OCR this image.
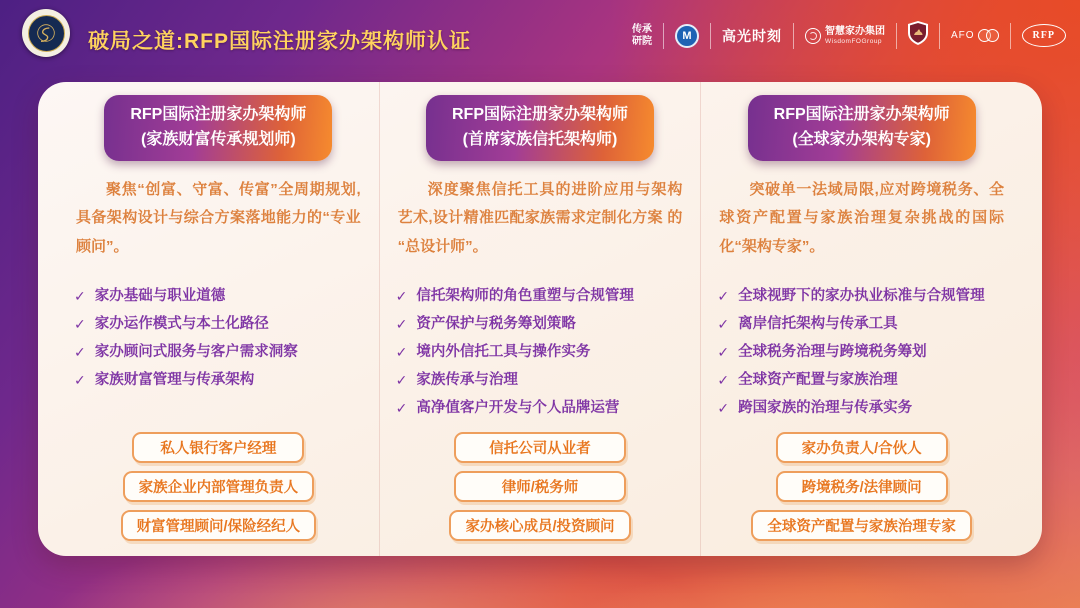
破局之道:RFP国际注册家办架构师认证
传承
研院	M	高光时刻	智慧家办集团
WisdomFOGroup
AFO	RFP
RFP国际注册家办架构师
(家族财富传承规划师)

聚焦“创富、守富、传富”全周期规划,具备架构设计与综合方案落地能力的“专业顾问”。

✓ 家办基础与职业道德
✓ 家办运作模式与本土化路径
✓ 家办顾问式服务与客户需求洞察
✓ 家族财富管理与传承架构
私人银行客户经理
家族企业内部管理负责人
财富管理顾问/保险经纪人
RFP国际注册家办架构师
(首席家族信托架构师)

深度聚焦信托工具的进阶应用与架构艺术,设计精准匹配家族需求定制化方案 的 “总设计师”。

✓ 信托架构师的角色重塑与合规管理
✓ 资产保护与税务筹划策略
✓ 境内外信托工具与操作实务
✓ 家族传承与治理
✓ 高净值客户开发与个人品牌运营
信托公司从业者
律师/税务师
家办核心成员/投资顾问
RFP国际注册家办架构师
(全球家办架构专家)

突破单一法域局限,应对跨境税务、全球资产配置与家族治理复杂挑战的国际化“架构专家”。

✓ 全球视野下的家办执业标准与合规管理
✓ 离岸信托架构与传承工具
✓ 全球税务治理与跨境税务筹划
✓ 全球资产配置与家族治理
✓ 跨国家族的治理与传承实务
家办负责人/合伙人
跨境税务/法律顾问
全球资产配置与家族治理专家
